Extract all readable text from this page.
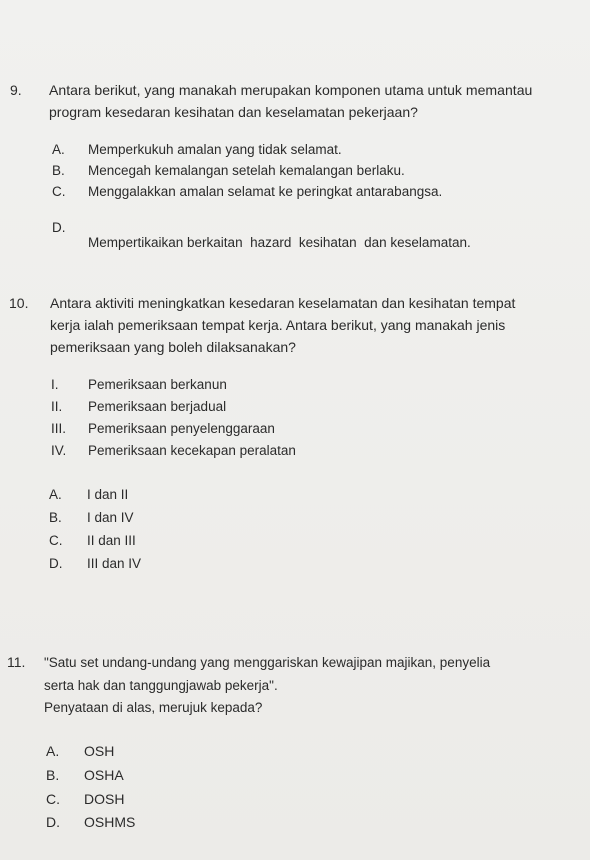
9. Antara berikut, yang manakah merupakan komponen utama untuk memantau
program kesedaran kesihatan dan keselamatan pekerjaan?
A. Memperkukuh amalan yang tidak selamat.
B. Mencegah kemalangan setelah kemalangan berlaku.
C. Menggalakkan amalan selamat ke peringkat antarabangsa.

D.

Mempertikaikan berkaitan  hazard  kesihatan  dan keselamatan.

10. Antara aktiviti meningkatkan kesedaran keselamatan dan kesihatan tempat
kerja ialah pemeriksaan tempat kerja. Antara berikut, yang manakah jenis
pemeriksaan yang boleh dilaksanakan?
I. Pemeriksaan berkanun
II. Pemeriksaan berjadual
III. Pemeriksaan penyelenggaraan
IV. Pemeriksaan kecekapan peralatan
A. I dan II
B. I dan IV
C. II dan III
D. III dan IV
11. "Satu set undang-undang yang menggariskan kewajipan majikan, penyelia
serta hak dan tanggungjawab pekerja".
Penyataan di alas, merujuk kepada?
A. OSH
B. OSHA
C. DOSH
D. OSHMS
